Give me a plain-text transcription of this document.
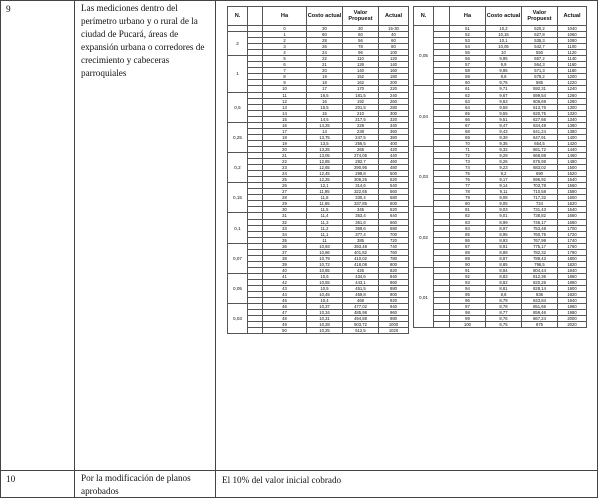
9	Las mediciones dentro del perímetro urbano y o rural de la ciudad de Pucará, áreas de expansión urbana o corredores de crecimiento y cabeceras parroquiales
10	Por la modificación de planos aprobados
El 10% del valor inicial cobrado
N.		Ha	Costo actual	Valor Propuest	Actual
		0	30	30	15-30
2		1	60	60	40
		2	28	56	60
		3	26	78	80
		4	24	96	100
1		5	22	110	120
		6	21	126	140
		7	20	140	160
		8	19	152	180
		9	18	162	200
		10	17	170	220
0,5		11	16,5	181,5	240
		12	16	192	260
		13	15,5	201,5	280
		14	15	210	300
		15	14,5	217,5	320
0,25		16	14,25	228	340
		17	14	238	360
		18	13,75	247,5	380
		19	13,5	256,5	400
		20	13,25	265	420
0,2		21	13,05	274,05	440
		22	12,85	282,7	460
		23	12,65	290,95	480
		24	12,45	298,8	500
		25	12,25	306,25	520
0,15		26	12,1	314,6	540
		27	11,95	322,65	560
		28	11,8	330,4	580
		29	11,65	337,85	600
		30	11,5	345	620
0,1		31	11,4	353,4	640
		32	11,3	361,6	660
		33	11,2	369,6	680
		34	11,1	377,4	700
		35	11	385	720
0,07		36	10,93	393,48	740
		37	10,86	401,82	760
		38	10,79	410,02	780
		39	10,72	418,08	800
		40	10,65	426	820
0,05		41	10,6	434,6	840
		42	10,55	443,1	860
		43	10,5	451,5	880
		44	10,45	459,8	900
		45	10,4	468	920
0,03		46	10,37	477,02	940
		47	10,34	485,98	960
		48	10,31	494,88	980
		49	10,28	503,72	1000
		50	10,25	512,5	1020
N.		Ha	Costo actual	Valor Propuest	Actual
0,05		51	10,2	520,2	1040
		52	10,15	527,8	1060
		53	10,1	535,3	1080
		54	10,05	542,7	1100
		55	10	550	1120
		56	9,95	557,2	1140
		57	9,9	564,3	1160
		58	9,85	571,3	1180
		59	9,8	578,2	1200
		60	9,75	585	1220
0,04		61	9,71	592,31	1240
		62	9,67	599,54	1260
		63	9,63	606,69	1280
		64	9,59	613,76	1300
		65	9,55	620,75	1320
		66	9,51	627,66	1340
		67	9,47	634,49	1360
		68	9,43	641,24	1380
		69	9,39	647,91	1400
		70	9,35	654,5	1420
0,03		71	9,32	661,72	1440
		72	9,29	668,88	1460
		73	9,26	675,98	1480
		74	9,23	683,02	1500
		75	9,2	690	1520
		76	9,17	696,92	1540
		77	9,14	703,78	1560
		78	9,11	710,58	1580
		79	9,08	717,32	1600
		80	9,05	724	1620
0,02		81	9,03	731,43	1640
		82	9,01	738,82	1660
		83	8,99	746,17	1680
		84	8,97	753,48	1700
		85	8,95	760,75	1720
		86	8,93	767,98	1740
		87	8,91	775,17	1760
		88	8,89	782,32	1780
		89	8,87	789,43	1800
		90	8,85	796,5	1820
0,01		91	8,84	804,44	1840
		92	8,83	812,36	1860
		93	8,82	820,26	1880
		94	8,81	828,14	1900
		95	8,8	836	1920
		96	8,79	843,84	1940
		97	8,78	851,66	1960
		98	8,77	859,46	1980
		99	8,76	867,24	2000
		100	8,75	875	2020
